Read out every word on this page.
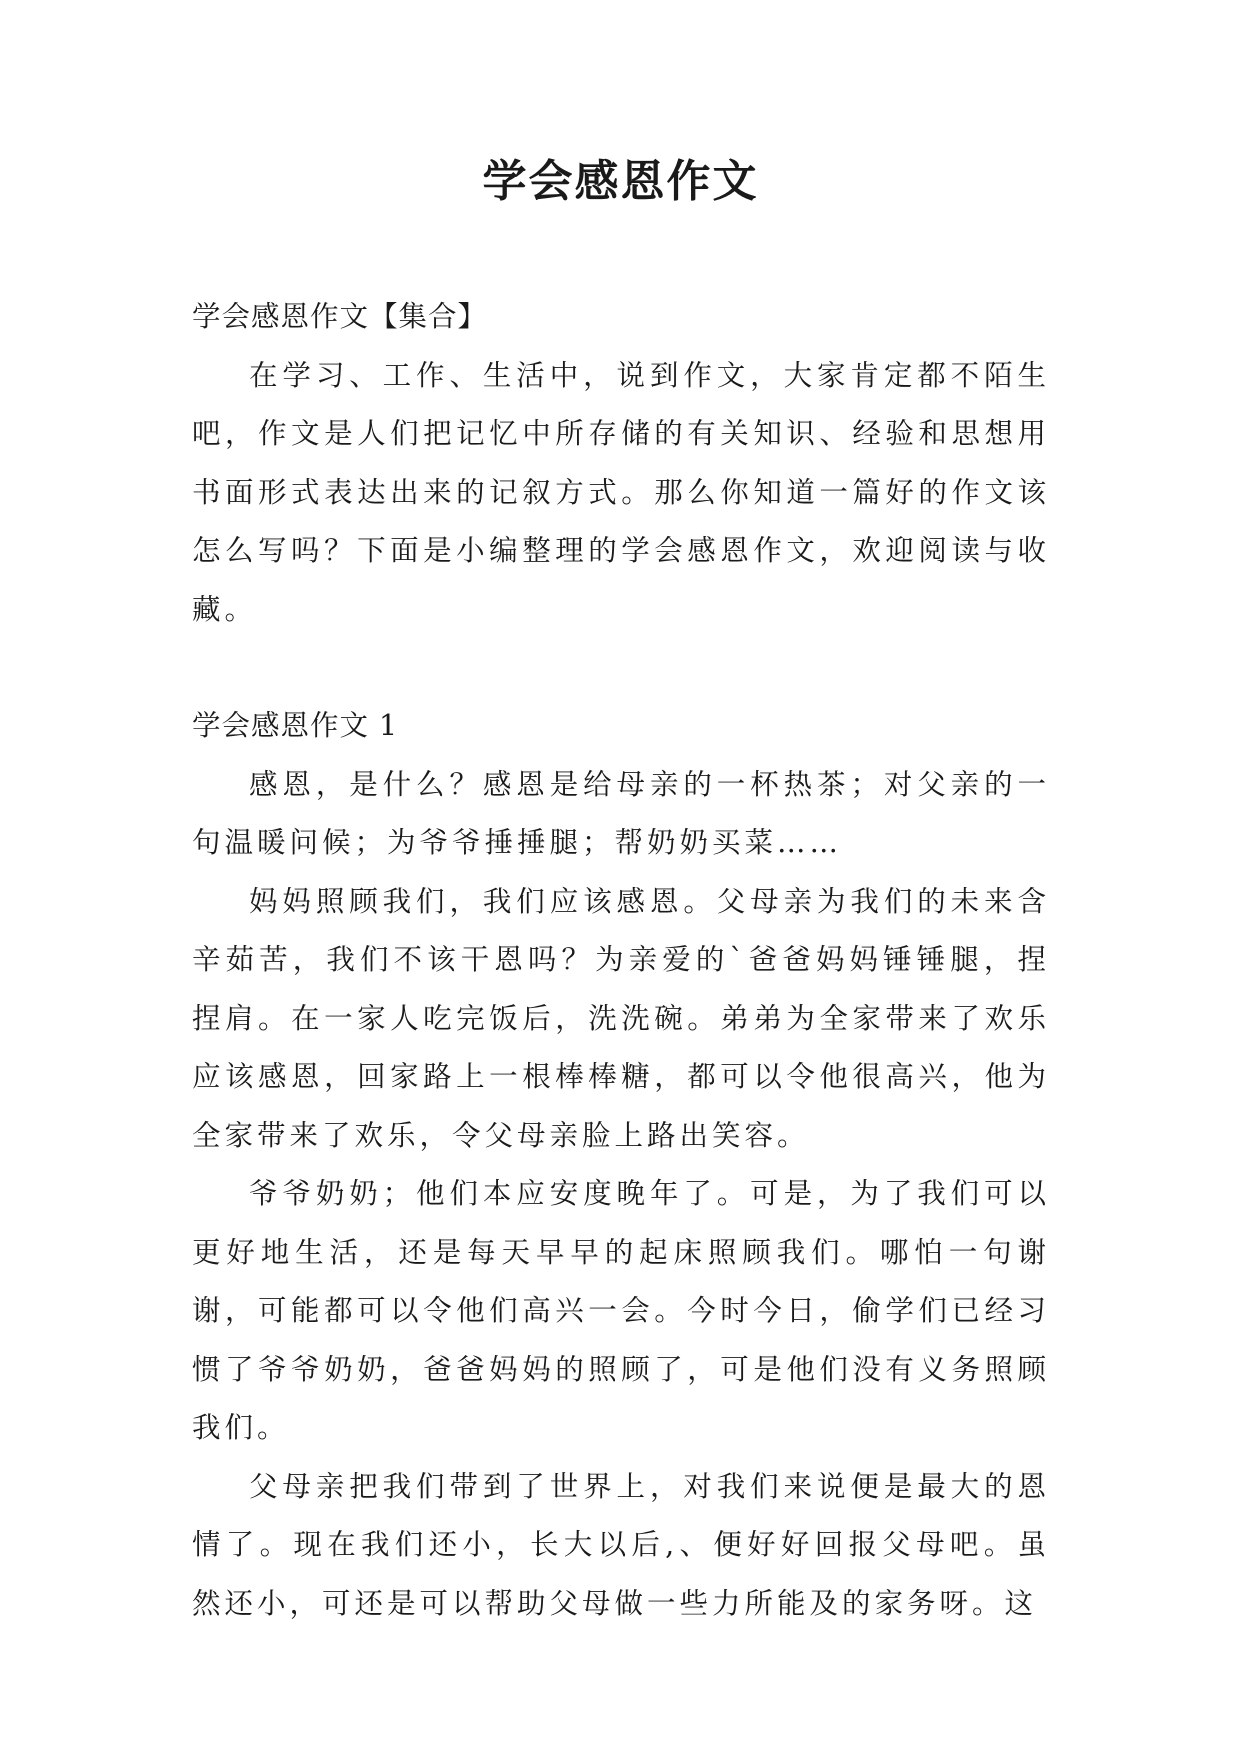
学会感恩作文

学会感恩作文【集合】

在学习、工作、生活中，说到作文，大家肯定都不陌生吧，作文是人们把记忆中所存储的有关知识、经验和思想用书面形式表达出来的记叙方式。那么你知道一篇好的作文该怎么写吗？下面是小编整理的学会感恩作文，欢迎阅读与收藏。

学会感恩作文 1

感恩，是什么？感恩是给母亲的一杯热茶；对父亲的一句温暖问候；为爷爷捶捶腿；帮奶奶买菜……

妈妈照顾我们，我们应该感恩。父母亲为我们的未来含辛茹苦，我们不该干恩吗？为亲爱的`爸爸妈妈锤锤腿，捏捏肩。在一家人吃完饭后，洗洗碗。弟弟为全家带来了欢乐应该感恩，回家路上一根棒棒糖，都可以令他很高兴，他为全家带来了欢乐，令父母亲脸上路出笑容。

爷爷奶奶；他们本应安度晚年了。可是，为了我们可以更好地生活，还是每天早早的起床照顾我们。哪怕一句谢谢，可能都可以令他们高兴一会。今时今日，偷学们已经习惯了爷爷奶奶，爸爸妈妈的照顾了，可是他们没有义务照顾我们。

父母亲把我们带到了世界上，对我们来说便是最大的恩情了。现在我们还小，长大以后,、便好好回报父母吧。虽然还小，可还是可以帮助父母做一些力所能及的家务呀。这
